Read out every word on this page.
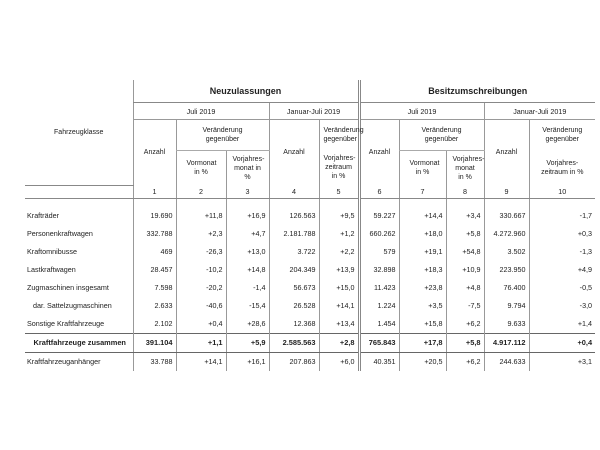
Fahrzeugklasse	Neuzulassungen					Besitzumschreibungen				
	Juli 2019			Januar-Juli 2019		Juli 2019			Januar-Juli 2019	
	Anzahl	Veränderung gegenüber		Anzahl	Veränderung gegenüber	Anzahl	Veränderung gegenüber		Anzahl	Veränderung gegenüber
		Vormonat in %	Vorjahres-monat in %		Vorjahres-zeitraum in %		Vormonat in %	Vorjahres-monat in %		Vorjahres-zeitraum in %
	1	2	3	4	5	6	7	8	9	10

Krafträder	19.690	+11,8	+16,9	126.563	+9,5	59.227	+14,4	+3,4	330.667	-1,7
Personenkraftwagen	332.788	+2,3	+4,7	2.181.788	+1,2	660.262	+18,0	+5,8	4.272.960	+0,3
Kraftomnibusse	469	-26,3	+13,0	3.722	+2,2	579	+19,1	+54,8	3.502	-1,3
Lastkraftwagen	28.457	-10,2	+14,8	204.349	+13,9	32.898	+18,3	+10,9	223.950	+4,9
Zugmaschinen insgesamt	7.598	-20,2	-1,4	56.673	+15,0	11.423	+23,8	+4,8	76.400	-0,5
dar. Sattelzugmaschinen	2.633	-40,6	-15,4	26.528	+14,1	1.224	+3,5	-7,5	9.794	-3,0
Sonstige Kraftfahrzeuge	2.102	+0,4	+28,6	12.368	+13,4	1.454	+15,8	+6,2	9.633	+1,4
Kraftfahrzeuge zusammen	391.104	+1,1	+5,9	2.585.563	+2,8	765.843	+17,8	+5,8	4.917.112	+0,4
Kraftfahrzeuganhänger	33.788	+14,1	+16,1	207.863	+6,0	40.351	+20,5	+6,2	244.633	+3,1
